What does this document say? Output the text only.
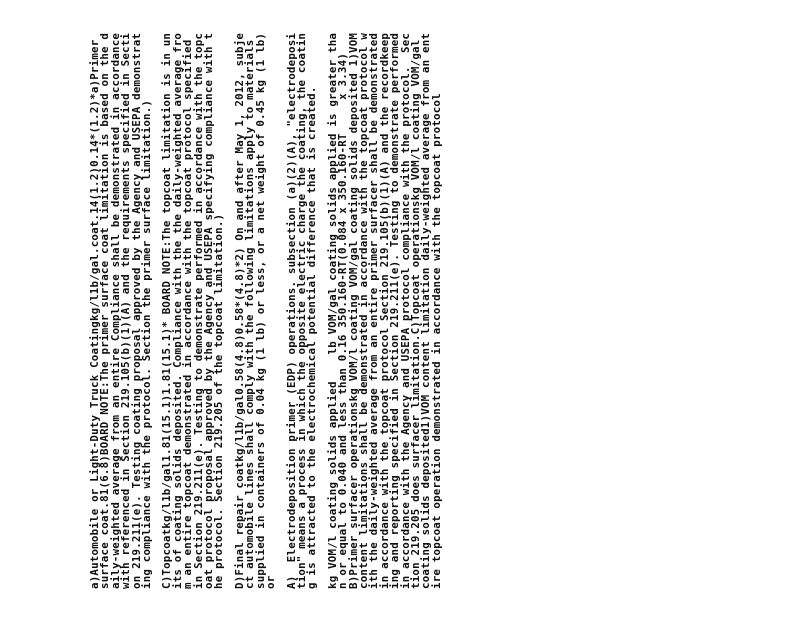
a)Automobile or Light-Duty Truck Coatingkg/l1b/gal.coat.14(1.2)0.14*(1.2)*a)Primer surface coat.81(6.8)BOARD NOTE:The primer surface coat limitation is based on the daily-weighted average from an entire Compliance shall be demonstrated in accordance with referenced in Section 219.105(b)(1)(A) and the requirements specified in Section 219.211(e). Testing coating proposal approved by the Agency and USEPA demonstrating compliance with the protocol. Section the primer surface limitation.) C)Topcoatkg/l1b/gal1.81(15.1)1.81(15.1)* BOARD NOTE:The topcoat limitation is in units of coating solids deposited. Compliance with the the daily-weighted average from an entire topcoat demonstrated in accordance with the topcoat protocol specified in Section 219.211(e). Testing to demonstrate performed in accordance with the topcoat protocol proposal approved by the Agency and USEPA specifying compliance with the protocol. Section 219.205 of the topcoat limitation.) D)Final repair coatkg/l1b/gal0.58(4.8)0.58*(4.8)*2) On and after May 1, 2012, subject automobile lines shall comply with the following limitations apply to materials supplied in containers of 0.04 kg (1 lb) or less, or a net weight of 0.45 kg (1 lb) or A)  Electrodeposition primer (EDP) operations. subsection (a)(2)(A), "electrodeposition" means a process in which the opposite electric charge the coating, the coating is attracted to the electrochemical potential difference that is created. kg VOM/l coating solids applied    lb VOM/gal coating solids applied is greater than or equal to 0.040 and less than 0.16 350.160-RT(0.084 x 350.160-RT     x 3.34)  B)Primer surfacer operationskg VOM/l coating VOM/gal coating solids deposited 1)VOM content limitations shall be demonstrated in accordance with the topcoat protocol with the daily-weighted average from an entire primer surfacer shall be demonstrated in accordance with the topcoat protocol Section 219.105(b)(1)(A) and the recordkeeping and reporting specified in Section 219.211(e). Testing to demonstrate performed in accordance with the Agency and USEPA protocol compliance with the protocol.  Section 219.205 does surfacer limitation.C)Topcoat operationskg VOM/l coating VOM/gal coating solids deposited1)VOM content limitation daily-weighted average from an entire topcoat operation demonstrated in accordance with the topcoat protocol
